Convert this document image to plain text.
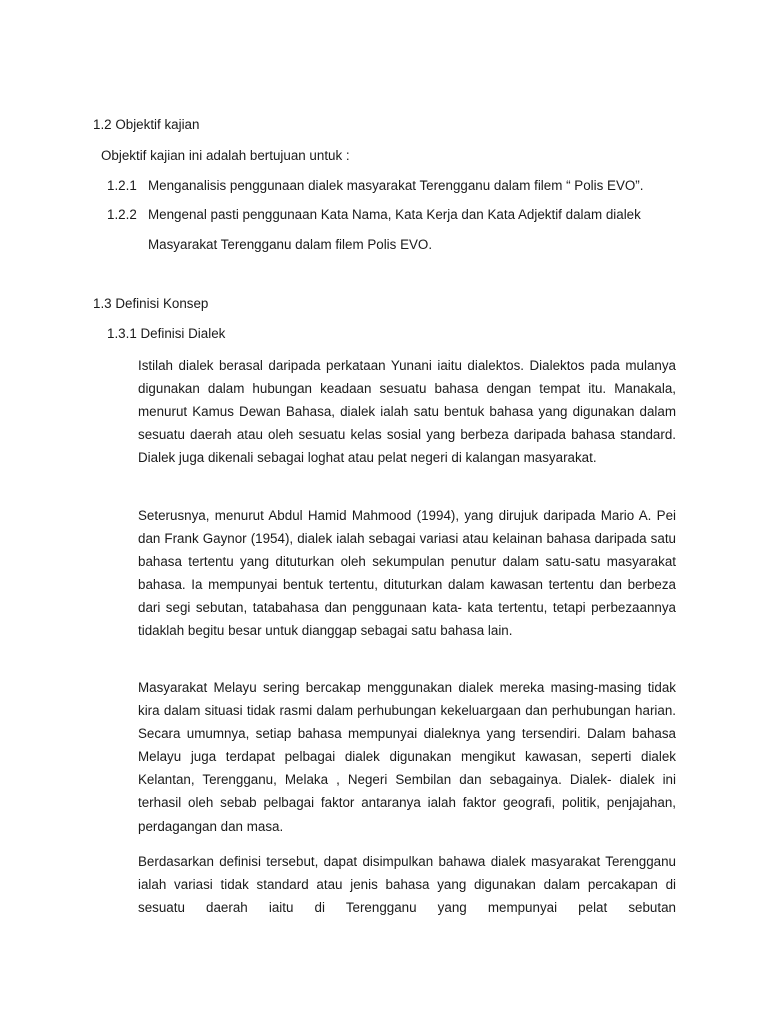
1.2 Objektif kajian
Objektif kajian ini adalah bertujuan untuk :
1.2.1 Menganalisis penggunaan dialek masyarakat Terengganu dalam filem “ Polis EVO”.
1.2.2 Mengenal pasti penggunaan Kata Nama, Kata Kerja dan Kata Adjektif dalam dialek
Masyarakat Terengganu dalam filem Polis EVO.
1.3 Definisi Konsep
1.3.1 Definisi Dialek

Istilah dialek berasal daripada perkataan Yunani iaitu dialektos. Dialektos pada mulanya digunakan dalam hubungan keadaan sesuatu bahasa dengan tempat itu. Manakala, menurut Kamus Dewan Bahasa, dialek ialah satu bentuk bahasa yang digunakan dalam sesuatu daerah atau oleh sesuatu kelas sosial yang berbeza daripada bahasa standard. Dialek juga dikenali sebagai loghat atau pelat negeri di kalangan masyarakat.

Seterusnya, menurut Abdul Hamid Mahmood (1994), yang dirujuk daripada Mario A. Pei dan Frank Gaynor (1954), dialek ialah sebagai variasi atau kelainan bahasa daripada satu bahasa tertentu yang dituturkan oleh sekumpulan penutur dalam satu-satu masyarakat bahasa. Ia mempunyai bentuk tertentu, dituturkan dalam kawasan tertentu dan berbeza dari segi sebutan, tatabahasa dan penggunaan kata- kata tertentu, tetapi perbezaannya tidaklah begitu besar untuk dianggap sebagai satu bahasa lain.

Masyarakat Melayu sering bercakap menggunakan dialek mereka masing-masing tidak kira dalam situasi tidak rasmi dalam perhubungan kekeluargaan dan perhubungan harian. Secara umumnya, setiap bahasa mempunyai dialeknya yang tersendiri. Dalam bahasa Melayu juga terdapat pelbagai dialek digunakan mengikut kawasan, seperti dialek Kelantan, Terengganu, Melaka , Negeri Sembilan dan sebagainya. Dialek- dialek ini terhasil oleh sebab pelbagai faktor antaranya ialah faktor geografi, politik, penjajahan, perdagangan dan masa.

Berdasarkan definisi tersebut, dapat disimpulkan bahawa dialek masyarakat Terengganu ialah variasi tidak standard atau jenis bahasa yang digunakan dalam percakapan di sesuatu daerah iaitu di Terengganu yang mempunyai pelat sebutan
